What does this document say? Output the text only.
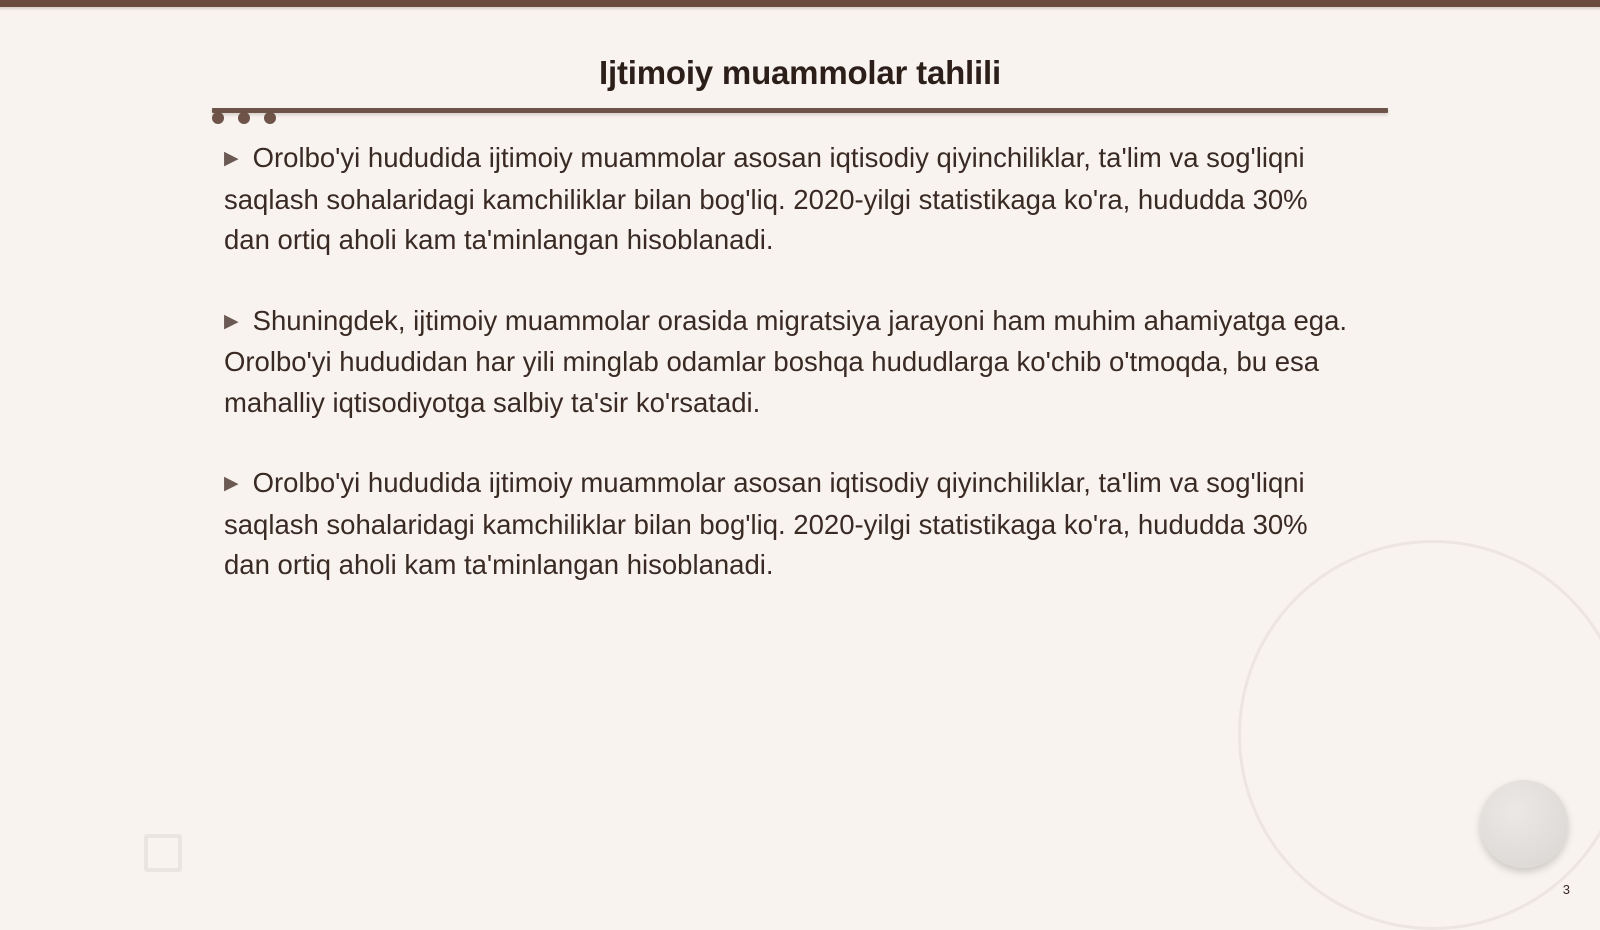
Ijtimoiy muammolar tahlili

▶ Orolbo'yi hududida ijtimoiy muammolar asosan iqtisodiy qiyinchiliklar, ta'lim va sog'liqni saqlash sohalaridagi kamchiliklar bilan bog'liq. 2020-yilgi statistikaga ko'ra, hududda 30% dan ortiq aholi kam ta'minlangan hisoblanadi.

▶ Shuningdek, ijtimoiy muammolar orasida migratsiya jarayoni ham muhim ahamiyatga ega. Orolbo'yi hududidan har yili minglab odamlar boshqa hududlarga ko'chib o'tmoqda, bu esa mahalliy iqtisodiyotga salbiy ta'sir ko'rsatadi.

▶ Orolbo'yi hududida ijtimoiy muammolar asosan iqtisodiy qiyinchiliklar, ta'lim va sog'liqni saqlash sohalaridagi kamchiliklar bilan bog'liq. 2020-yilgi statistikaga ko'ra, hududda 30% dan ortiq aholi kam ta'minlangan hisoblanadi.

3
